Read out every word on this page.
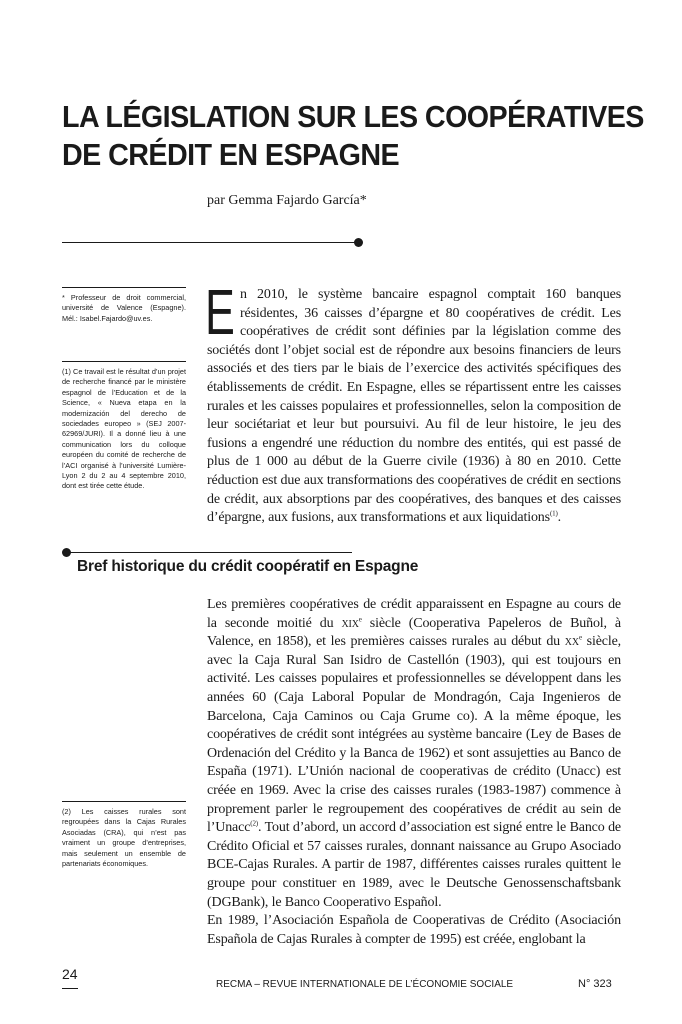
LA LÉGISLATION SUR LES COOPÉRATIVES
DE CRÉDIT EN ESPAGNE
par Gemma Fajardo García*

* Professeur de droit commercial, université de Valence (Espagne). Mél.: Isabel.Fajardo@uv.es.

(1) Ce travail est le résultat d’un projet de recherche financé par le ministère espagnol de l’Education et de la Science, « Nueva etapa en la modernización del derecho de sociedades europeo » (SEJ 2007-62969/JURI). Il a donné lieu à une communication lors du colloque européen du comité de recherche de l’ACI organisé à l’université Lumière-Lyon 2 du 2 au 4 septembre 2010, dont est tirée cette étude.

En 2010, le système bancaire espagnol comptait 160 banques résidentes, 36 caisses d’épargne et 80 coopératives de crédit. Les coopératives de crédit sont définies par la législation comme des sociétés dont l’objet social est de répondre aux besoins financiers de leurs associés et des tiers par le biais de l’exercice des activités spécifiques des établissements de crédit. En Espagne, elles se répartissent entre les caisses rurales et les caisses populaires et professionnelles, selon la composition de leur sociétariat et leur but poursuivi. Au fil de leur histoire, le jeu des fusions a engendré une réduction du nombre des entités, qui est passé de plus de 1 000 au début de la Guerre civile (1936) à 80 en 2010. Cette réduction est due aux transformations des coopératives de crédit en sections de crédit, aux absorptions par des coopératives, des banques et des caisses d’épargne, aux fusions, aux transformations et aux liquidations$^{(1)}$.

Bref historique du crédit coopératif en Espagne

Les premières coopératives de crédit apparaissent en Espagne au cours de la seconde moitié du xix$^e$ siècle (Cooperativa Papeleros de Buñol, à Valence, en 1858), et les premières caisses rurales au début du $xx^e$ siècle, avec la Caja Rural San Isidro de Castellón (1903), qui est toujours en activité. Les caisses populaires et professionnelles se développent dans les années 60 (Caja Laboral Popular de Mondragón, Caja Ingenieros de Barcelona, Caja Caminos ou Caja Grume co). A la même époque, les coopératives de crédit sont intégrées au système bancaire (Ley de Bases de Ordenación del Crédito y la Banca de 1962) et sont assujetties au Banco de España (1971). L’Unión nacional de cooperativas de crédito (Unacc) est créée en 1969. Avec la crise des caisses rurales (1983-1987) commence à proprement parler le regroupement des coopératives de crédit au sein de l’Unacc$^{(2)}$. Tout d’abord, un accord d’association est signé entre le Banco de Crédito Oficial et 57 caisses rurales, donnant naissance au Grupo Asociado BCE-Cajas Rurales. A partir de 1987, différentes caisses rurales quittent le groupe pour constituer en 1989, avec le Deutsche Genossenschaftsbank (DGBank), le Banco Cooperativo Español.

En 1989, l’Asociación Española de Cooperativas de Crédito (Asociación Española de Cajas Rurales à compter de 1995) est créée, englobant la

(2) Les caisses rurales sont regroupées dans la Cajas Rurales Asociadas (CRA), qui n’est pas vraiment un groupe d’entreprises, mais seulement un ensemble de partenariats économiques.

24
RECMA – REVUE INTERNATIONALE DE L’ÉCONOMIE SOCIALE	N° 323
